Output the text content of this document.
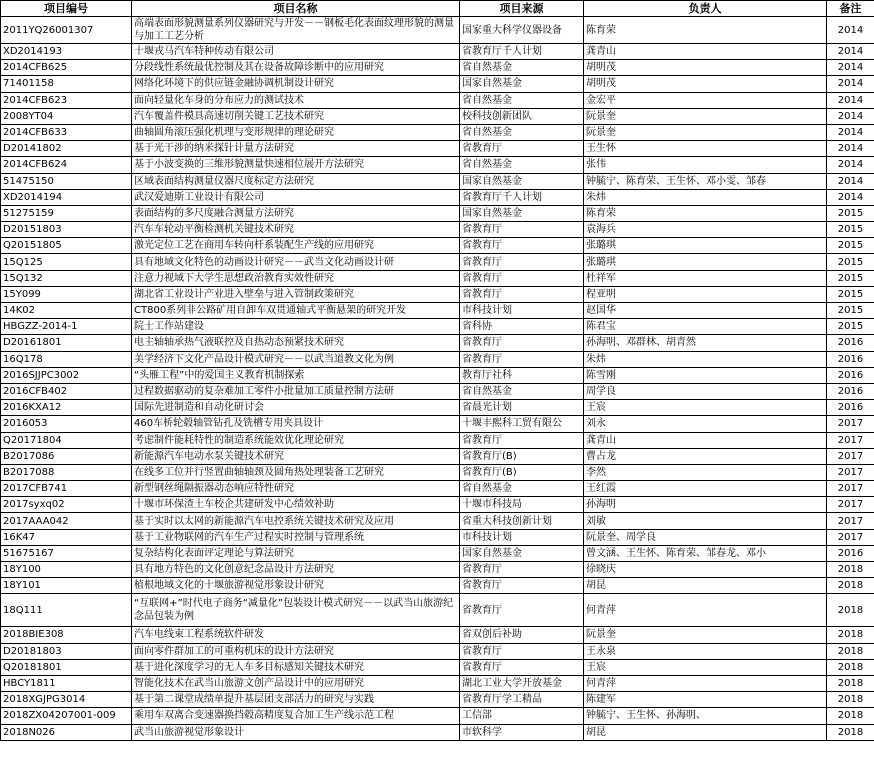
项目编号	项目名称	项目来源	负责人	备注
2011YQ26001307	高端表面形貌测量系列仪器研究与开发－－钢板毛化表面纹理形貌的测量与加工工艺分析	国家重大科学仪器设备	陈育荣	2014
XD2014193	十堰戎马汽车特种传动有限公司	省教育厅千人计划	龚青山	2014
2014CFB625	分段线性系统最优控制及其在设备故障诊断中的应用研究	省自然基金	胡明茂	2014
71401158	网络化环境下的供应链金融协调机制设计研究	国家自然基金	胡明茂	2014
2014CFB623	面向轻量化车身的分布应力的测试技术	省自然基金	金宏平	2014
2008YT04	汽车覆盖件模具高速切削关键工艺技术研究	校科技创新团队	阮景奎	2014
2014CFB633	曲轴圆角滚压强化机理与变形规律的理论研究	省自然基金	阮景奎	2014
D20141802	基于光干涉的纳米探针计量方法研究	省教育厅	王生怀	2014
2014CFB624	基于小波变换的三维形貌测量快速相位展开方法研究	省自然基金	张伟	2014
51475150	区域表面结构测量仪器尺度标定方法研究	国家自然基金	钟毓宁、陈育荣、王生怀、邓小雯、邹春	2014
XD2014194	武汉爱迪斯工业设计有限公司	省教育厅千人计划	朱炜	2014
51275159	表面结构的多尺度融合测量方法研究	国家自然基金	陈育荣	2015
D20151803	汽车车轮动平衡检测机关键技术研究	省教育厅	袁海兵	2015
Q20151805	激光定位工艺在商用车转向杆系装配生产线的应用研究	省教育厅	张璐琪	2015
15Q125	具有地域文化特色的动画设计研究－－武当文化动画设计研	省教育厅	张璐琪	2015
15Q132	注意力视域下大学生思想政治教育实效性研究	省教育厅	杜祥军	2015
15Y099	湖北省工业设计产业进入壁垒与进入管制政策研究	省教育厅	程亚明	2015
14K02	CT800系列非公路矿用自卸车双贯通轴式平衡悬架的研究开发	市科技计划	赵国华	2015
HBGZZ-2014-1	院士工作站建设	省科协	陈君宝	2015
D20161801	电主轴轴承热气液联控及自热动态预紧技术研究	省教育厅	孙海明、邓群林、胡青然	2016
16Q178	美学经济下文化产品设计模式研究－－以武当道教文化为例	省教育厅	朱炜	2016
2016SJJPC3002	“头雁工程”中的爱国主义教育机制探索	教育厅社科	陈雪刚	2016
2016CFB402	过程数据驱动的复杂难加工零件小批量加工质量控制方法研	省自然基金	周学良	2016
2016KXA12	国际先进制造和自动化研讨会	省晨光计划	王宸	2016
2016053	460车桥轮毂轴管钻孔及铣槽专用夹具设计	十堰丰熙科工贸有限公	刘永	2017
Q20171804	考虑制件能耗特性的制造系统能效优化理论研究	省教育厅	龚青山	2017
B2017086	新能源汽车电动水泵关键技术研究	省教育厅(B)	曹占龙	2017
B2017088	在线多工位并行竖置曲轴轴颈及圆角热处理装备工艺研究	省教育厅(B)	李然	2017
2017CFB741	新型钢丝绳隔振器动态响应特性研究	省自然基金	王红霞	2017
2017syxq02	十堰市环保渣土车校企共建研发中心绩效补助	十堰市科技局	孙海明	2017
2017AAA042	基于实时以太网的新能源汽车电控系统关键技术研究及应用	省重大科技创新计划	刘敏	2017
16K47	基于工业物联网的汽车生产过程实时控制与管理系统	市科技计划	阮景奎、周学良	2017
51675167	复杂结构化表面评定理论与算法研究	国家自然基金	曾文涵、王生怀、陈育荣、邹春龙、邓小	2016
18Y100	具有地方特色的文化创意纪念品设计方法研究	省教育厅	徐晓庆	2018
18Y101	植根地域文化的十堰旅游视觉形象设计研究	省教育厅	胡昆	2018
18Q111	“互联网+”时代电子商务“减量化”包装设计模式研究－－以武当山旅游纪念品包装为例	省教育厅	何青萍	2018
2018BIE308	汽车电线束工程系统软件研发	省双创后补助	阮景奎	2018
D20181803	面向零件群加工的可重构机床的设计方法研究	省教育厅	王永泉	2018
Q20181801	基于进化深度学习的无人车多目标感知关键技术研究	省教育厅	王宸	2018
HBCY1811	智能化技术在武当山旅游文创产品设计中的应用研究	湖北工业大学开放基金	何青萍	2018
2018XGJPG3014	基于第二课堂成绩单提升基层团支部活力的研究与实践	省教育厅学工精品	陈建军	2018
2018ZX04207001-009	乘用车双离合变速器换挡毂高精度复合加工生产线示范工程	工信部	钟毓宁、王生怀、孙海明、	2018
2018N026	武当山旅游视觉形象设计	市软科学	胡昆	2018
